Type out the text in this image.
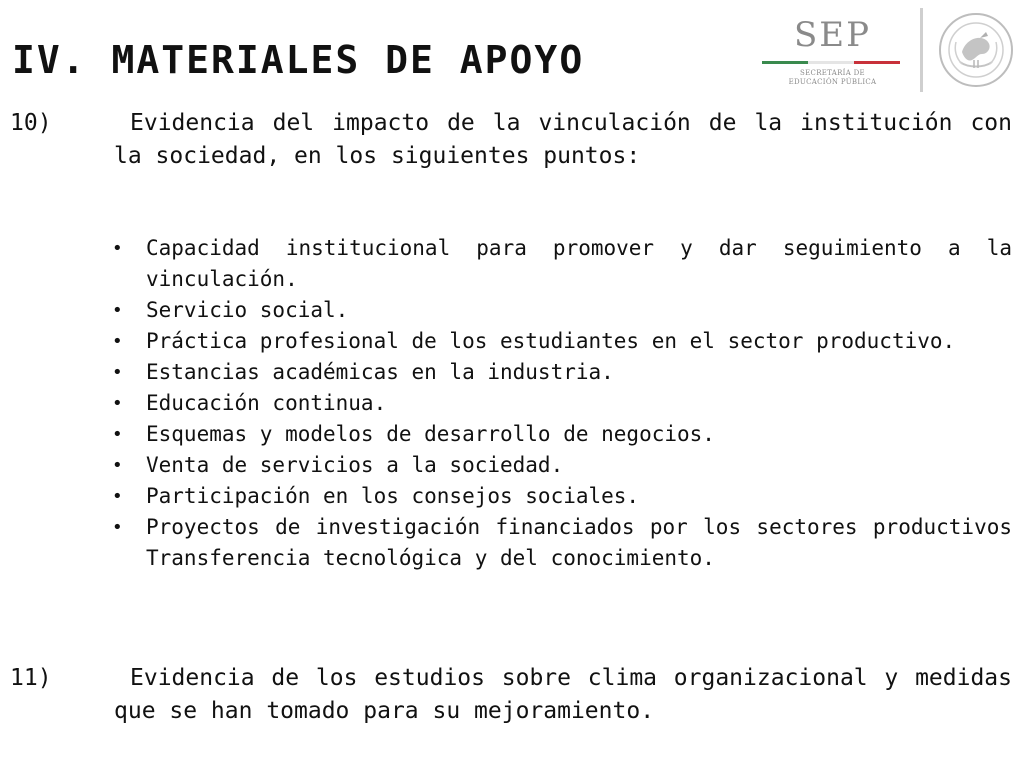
IV. MATERIALES DE APOYO
SEP
SECRETARÍA DE
EDUCACIÓN PÚBLICA
10)	Evidencia del impacto de la vinculación de la institución con la sociedad, en los siguientes puntos:
•	Capacidad institucional para promover y dar seguimiento a la vinculación.
•	Servicio social.
•	Práctica profesional de los estudiantes en el sector productivo.
•	Estancias académicas en la industria.
•	Educación continua.
•	Esquemas y modelos de desarrollo de negocios.
•	Venta de servicios a la sociedad.
•	Participación en los consejos sociales.
•	Proyectos de investigación financiados por los sectores productivos Transferencia tecnológica y del conocimiento.
11)	Evidencia de los estudios sobre clima organizacional y medidas que se han tomado para su mejoramiento.
